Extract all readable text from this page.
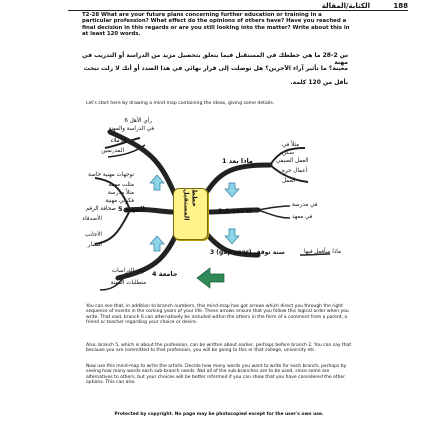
الكتابة/المقالة	188
T2-28 What are your future plans concerning further education or training in a particular profession? What effect do the opinions of others have? Have you reached a final decision in this regards or are you still looking into the matter? Write about this in at least 120 words.
س 2-28 ما هي خططك في المستقبل فيما يتعلق بتحصيل مزيد من الدراسة أو التدريب في مهنة
معينة؟ ما تأثير آراء الآخرين؟ هل توصلت إلى قرار نهائي في هذا الصدد أو أنك لا زلت تبحث
بأقل من 120 كلمة.
Let's start here by drawing a mind map containing the ideas, giving some details.
خطط المستقبل
6 رأي الأهل
في الدراسة والمهنة
الزملاء
المدرسين
5 المهنة
توجهات مهنية خاصة
مثلت مهمة
مثلاً مدرسة
فكرتي مهنية
صحافة الرقم
الأصدقاء
الأجانب
انتشار
4 جامعة
توفر الدراسات
متطلبات المهنة
1 ماذا بعد
مثلاً في
سكن
العمل الصيفي
أعمال حرة
العمل
2 A-Level
في مدرسة
في معهد
3 (gap year) سنة توقف	ماذا سأفعل فيها
You can see that, in addition to branch numbers, this mind-map has got arrows which direct you through the right sequence of events in the coming years of your life. These arrows ensure that you follow this logical order when you write. That said, branch 6 can alternatively be included within the others in the form of a comment from a parent, a friend or teacher regarding your choice or desire.
Also, branch 5, which is about the profession, can be written about earlier, perhaps before branch 2. You can say that because you are committed to that profession, you will be going to this or that college, university etc.
Now use this mind-map to write the article. Decide how many words you want to write for each branch, perhaps by seeing how many words each sub-branch needs. Not all of the sub-branches are to be used, since some are alternatives to others, but your choices will be better informed if you can show that you have considered the other options. This can also
Protected by copyright. No page may be photocopied except for the user's own use.
